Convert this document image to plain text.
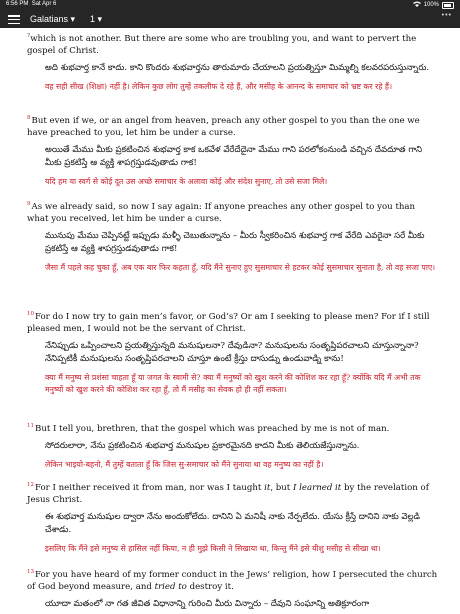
6:56 PM Sat Apr 6	100%
Galatians ▾ 1 ▾	•••
$^7$which is not another. But there are some who are troubling you, and want to pervert the gospel of Christ.
అది శుభవార్త కానే కాదు. కాని కొందరు శుభవార్తను తారుమారు చేయాలని ప్రయత్నిస్తూ మిమ్మల్ని కలవరపరుస్తున్నారు.
वह सही सीख (शिक्षा) नहीं है। लेकिन कुछ लोग तुम्हें तकलीफ दे रहे हैं, और मसीह के आनन्द के समाचार को भ्रष्ट कर रहे हैं।
$^8$But even if we, or an angel from heaven, preach any other gospel to you than the one we have preached to you, let him be under a curse.
అయితే మేము మీకు ప్రకటించిన శుభవార్త కాక ఒకవేళ వేరేదేదైనా మేము గాని పరలోకంనుండి వచ్చిన దేవదూత గాని మీకు ప్రకటిస్తే ఆ వ్యక్తి శాపగ్రస్తుడవుతాడు గాక!
यदि हम या स्वर्ग से कोई दूत उस अच्छे समाचार के अलावा कोई और संदेश सुनाए, तो उसे सजा मिले।
$^9$As we already said, so now I say again: If anyone preaches any other gospel to you than what you received, let him be under a curse.
మునుపు మేము చెప్పినట్టే ఇప్పుడు మళ్ళీ చెబుతున్నాను – మీరు స్వీకరించిన శుభవార్త గాక వేరేది ఎవరైనా సరే మీకు ప్రకటిస్తే ఆ వ్యక్తి శాపగ్రస్తుడవుతాడు గాక!
जैसा मैं पहले कह चुका हूँ, अब एक बार फिर कहता हूँ, यदि मैंने सुनाए हुए सुसमाचार से हटकर कोई सुसमाचार सुनाता है, तो वह सजा पाए।
$^{10}$For do I now try to gain men’s favor, or God’s? Or am I seeking to please men? For if I still pleased men, I would not be the servant of Christ.
నేనిప్పుడు ఒప్పించాలని ప్రయత్నిస్తున్నది మనుషులనా? దేవుడినా? మనుషులను సంతృప్తిపరచాలని చూస్తున్నానా? నేనిప్పటికీ మనుషులను సంతృప్తిపరచాలని చూస్తూ ఉంటే క్రీస్తు దాసుడ్ను ఉండువాడ్ని కాను!
क्या मैं मनुष्य से प्रशंसा चाहता हूँ या जगत के स्वामी से? क्या मैं मनुष्यों को खुश करने की कोशिश कर रहा हूँ? क्योंकि यदि मैं अभी तक मनुष्यों को खुश करने की कोशिश कर रहा हूँ, तो मैं मसीह का सेवक हो ही नहीं सकता।
$^{11}$But I tell you, brethren, that the gospel which was preached by me is not of man.
సోదరులారా, నేను ప్రకటించిన శుభవార్త మనుషుల ప్రకారమైనది కాదని మీకు తెలియజేస్తున్నాను.
लेकिन भाइयो-बहनो, मैं तुम्हें बताता हूँ कि जिस सु-समाचार को मैंने सुनाया था वह मनुष्य का नहीं है।
$^{12}$For I neither received it from man, nor was I taught it, but I learned it by the revelation of Jesus Christ.
ఈ శుభవార్త మనుషుల ద్వారా నేను అందుకోలేదు. దానిని ఏ మనిషీ నాకు నేర్పలేదు. యేసు క్రీస్తే దానిని నాకు వెల్లడి చేశాడు.
इसलिए कि मैंने इसे मनुष्य से हासिल नहीं किया, न ही मुझे किसी ने सिखाया था, किन्तु मैंने इसे यीशु मसीह से सीखा था।
$^{13}$For you have heard of my former conduct in the Jews’ religion, how I persecuted the church of God beyond measure, and tried to destroy it.
యూదా మతంలో నా గత జీవిత విధానాన్ని గురించి మీరు విన్నారు – దేవుని సంఘాన్ని అతిక్రూరంగా
